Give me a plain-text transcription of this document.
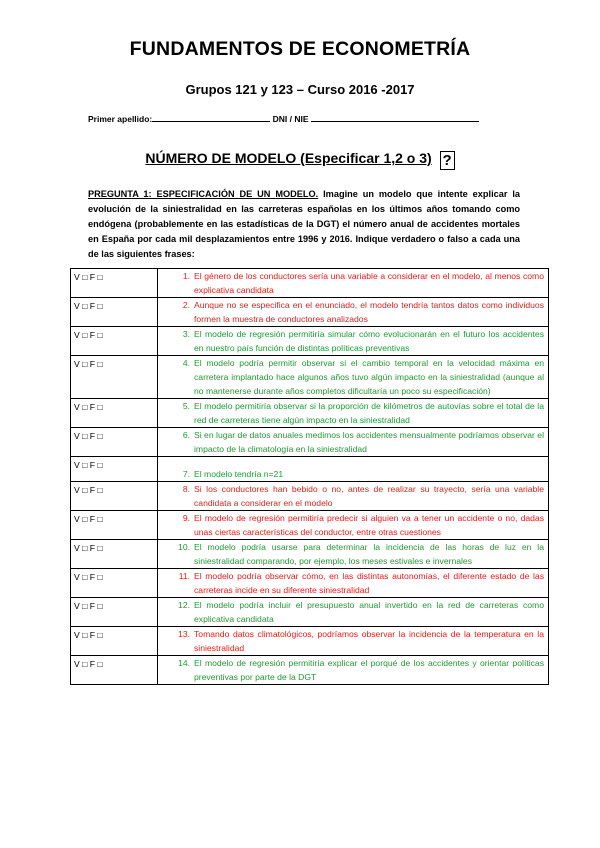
FUNDAMENTOS DE ECONOMETRÍA
Grupos 121 y 123 – Curso 2016 -2017
Primer apellido:	DNI / NIE
NÚMERO DE MODELO (Especificar 1,2 o 3) ?
PREGUNTA 1: ESPECIFICACIÓN DE UN MODELO. Imagine un modelo que intente explicar la evolución de la siniestralidad en las carreteras españolas en los últimos años tomando como endógena (probablemente en las estadísticas de la DGT) el número anual de accidentes mortales en España por cada mil desplazamientos entre 1996 y 2016. Indique verdadero o falso a cada una de las siguientes frases:
V □ F □	1. El género de los conductores sería una variable a considerar en el modelo, al menos como explicativa candidata

V □ F □	2. Aunque no se especifica en el enunciado, el modelo tendría tantos datos como individuos formen la muestra de conductores analizados

V □ F □	3. El modelo de regresión permitiría simular cómo evolucionarán en el futuro los accidentes en nuestro país función de distintas políticas preventivas

V □ F □	4. El modelo podría permitir observar si el cambio temporal en la velocidad máxima en carretera implantado hace algunos años tuvo algún impacto en la siniestralidad (aunque al no mantenerse durante años completos dificultaría un poco su especificación)

V □ F □	5. El modelo permitiría observar si la proporción de kilómetros de autovías sobre el total de la red de carreteras tiene algún impacto en la siniestralidad

V □ F □	6. Si en lugar de datos anuales medimos los accidentes mensualmente podríamos observar el impacto de la climatología en la siniestralidad

V □ F □	7. El modelo tendría n=21

V □ F □	8. Si los conductores han bebido o no, antes de realizar su trayecto, sería una variable candidata a considerar en el modelo

V □ F □	9. El modelo de regresión permitiría predecir si alguien va a tener un accidente o no, dadas unas ciertas características del conductor, entre otras cuestiones

V □ F □	10. El modelo podría usarse para determinar la incidencia de las horas de luz en la siniestralidad comparando, por ejemplo, los meses estivales e invernales

V □ F □	11. El modelo podría observar cómo, en las distintas autonomías, el diferente estado de las carreteras incide en su diferente siniestralidad

V □ F □	12. El modelo podría incluir el presupuesto anual invertido en la red de carreteras como explicativa candidata

V □ F □	13. Tomando datos climatológicos, podríamos observar la incidencia de la temperatura en la siniestralidad

V □ F □	14. El modelo de regresión permitiría explicar el porqué de los accidentes y orientar políticas preventivas por parte de la DGT
